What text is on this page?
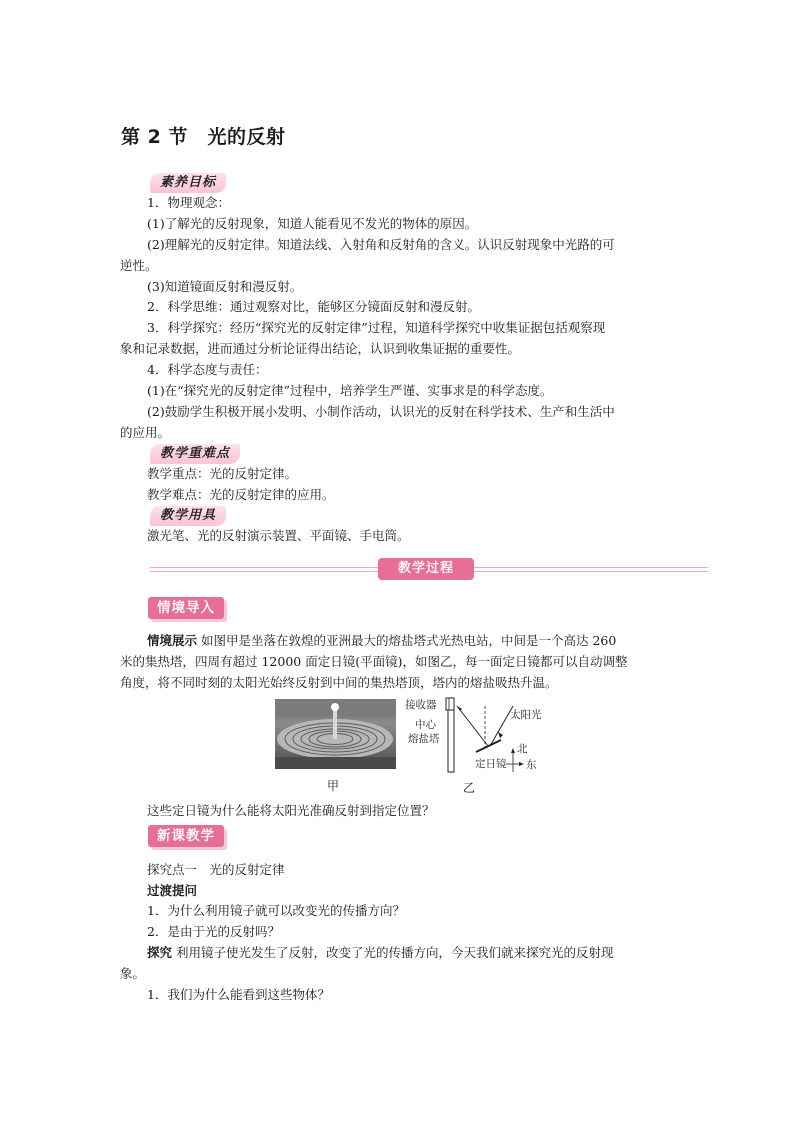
第 2 节　光的反射
素养目标
1．物理观念：
(1)了解光的反射现象，知道人能看见不发光的物体的原因。
(2)理解光的反射定律。知道法线、入射角和反射角的含义。认识反射现象中光路的可
逆性。
(3)知道镜面反射和漫反射。
2．科学思维：通过观察对比，能够区分镜面反射和漫反射。
3．科学探究：经历“探究光的反射定律”过程，知道科学探究中收集证据包括观察现
象和记录数据，进而通过分析论证得出结论，认识到收集证据的重要性。
4．科学态度与责任：
(1)在“探究光的反射定律”过程中，培养学生严谨、实事求是的科学态度。
(2)鼓励学生积极开展小发明、小制作活动，认识光的反射在科学技术、生产和生活中
的应用。
教学重难点
教学重点：光的反射定律。
教学难点：光的反射定律的应用。
教学用具
激光笔、光的反射演示装置、平面镜、手电筒。
教学过程
情境导入
情境展示 如图甲是坐落在敦煌的亚洲最大的熔盐塔式光热电站，中间是一个高达 260
米的集热塔，四周有超过 12000 面定日镜(平面镜)，如图乙，每一面定日镜都可以自动调整
角度，将不同时刻的太阳光始终反射到中间的集热塔顶，塔内的熔盐吸热升温。
甲
接收器
中心
熔盐塔
太阳光
定日镜
北
东
乙
这些定日镜为什么能将太阳光准确反射到指定位置？
新课教学
探究点一　光的反射定律
过渡提问
1．为什么利用镜子就可以改变光的传播方向？
2．是由于光的反射吗？
探究 利用镜子使光发生了反射，改变了光的传播方向，今天我们就来探究光的反射现
象。
1．我们为什么能看到这些物体？
